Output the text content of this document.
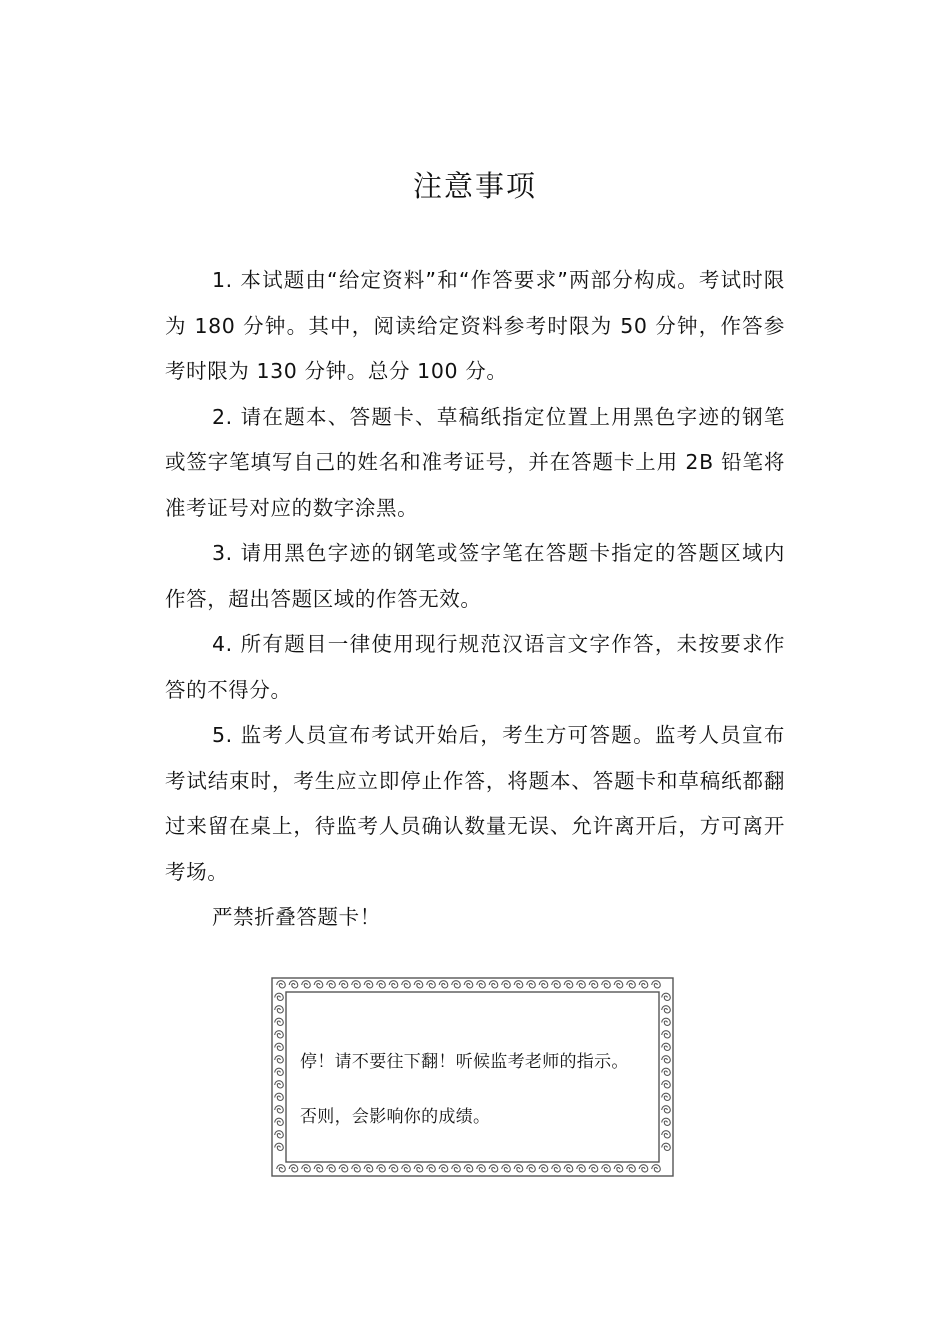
注意事项

1. 本试题由“给定资料”和“作答要求”两部分构成。考试时限为 180 分钟。其中，阅读给定资料参考时限为 50 分钟，作答参考时限为 130 分钟。总分 100 分。

2. 请在题本、答题卡、草稿纸指定位置上用黑色字迹的钢笔或签字笔填写自己的姓名和准考证号，并在答题卡上用 2B 铅笔将准考证号对应的数字涂黑。

3. 请用黑色字迹的钢笔或签字笔在答题卡指定的答题区域内作答，超出答题区域的作答无效。

4. 所有题目一律使用现行规范汉语言文字作答，未按要求作答的不得分。

5. 监考人员宣布考试开始后，考生方可答题。监考人员宣布考试结束时，考生应立即停止作答，将题本、答题卡和草稿纸都翻过来留在桌上，待监考人员确认数量无误、允许离开后，方可离开考场。

严禁折叠答题卡！

停！请不要往下翻！听候监考老师的指示。
否则，会影响你的成绩。
